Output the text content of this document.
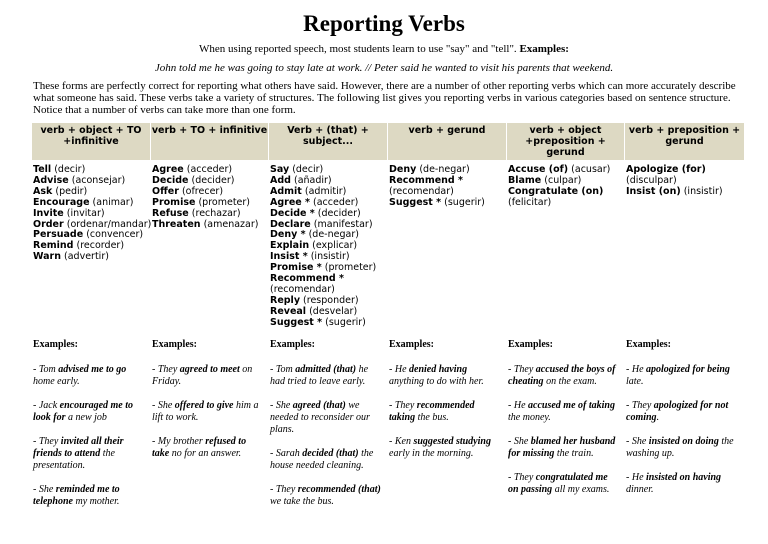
Reporting Verbs
When using reported speech, most students learn to use "say" and "tell". Examples:
John told me he was going to stay late at work. // Peter said he wanted to visit his parents that weekend.
These forms are perfectly correct for reporting what others have said. However, there are a number of other reporting verbs which can more accurately describe what someone has said. These verbs take a variety of structures. The following list gives you reporting verbs in various categories based on sentence structure. Notice that a number of verbs can take more than one form.
verb + object + TO +infinitive
Tell (decir)
Advise (aconsejar)
Ask (pedir)
Encourage (animar)
Invite (invitar)
Order (ordenar/mandar)
Persuade (convencer)
Remind (recorder)
Warn (advertir)
Examples:
- Tom advised me to go home early.
- Jack encouraged me to look for a new job
- They invited all their friends to attend the presentation.
- She reminded me to telephone my mother.
verb + TO + infinitive
Agree (acceder)
Decide (decider)
Offer (ofrecer)
Promise (prometer)
Refuse (rechazar)
Threaten (amenazar)
Examples:
- They agreed to meet on Friday.
- She offered to give him a lift to work.
- My brother refused to take no for an answer.
Verb + (that) + subject...
Say (decir)
Add (añadir)
Admit (admitir)
Agree * (acceder)
Decide * (decider)
Declare (manifestar)
Deny * (de-negar)
Explain (explicar)
Insist * (insistir)
Promise * (prometer)
Recommend *
(recomendar)
Reply (responder)
Reveal (desvelar)
Suggest * (sugerir)
Examples:
- Tom admitted (that) he had tried to leave early.
- She agreed (that) we needed to reconsider our plans.
- Sarah decided (that) the house needed cleaning.
- They recommended (that) we take the bus.
verb + gerund
Deny (de-negar)
Recommend *
(recomendar)
Suggest * (sugerir)
Examples:
- He denied having anything to do with her.
- They recommended taking the bus.
- Ken suggested studying early in the morning.
verb + object +preposition + gerund
Accuse (of) (acusar)
Blame (culpar)
Congratulate (on)
(felicitar)
Examples:
- They accused the boys of cheating on the exam.
- He accused me of taking the money.
- She blamed her husband for missing the train.
- They congratulated me on passing all my exams.
verb + preposition + gerund
Apologize (for)
(disculpar)
Insist (on) (insistir)
Examples:
- He apologized for being late.
- They apologized for not coming.
- She insisted on doing the washing up.
- He insisted on having dinner.
